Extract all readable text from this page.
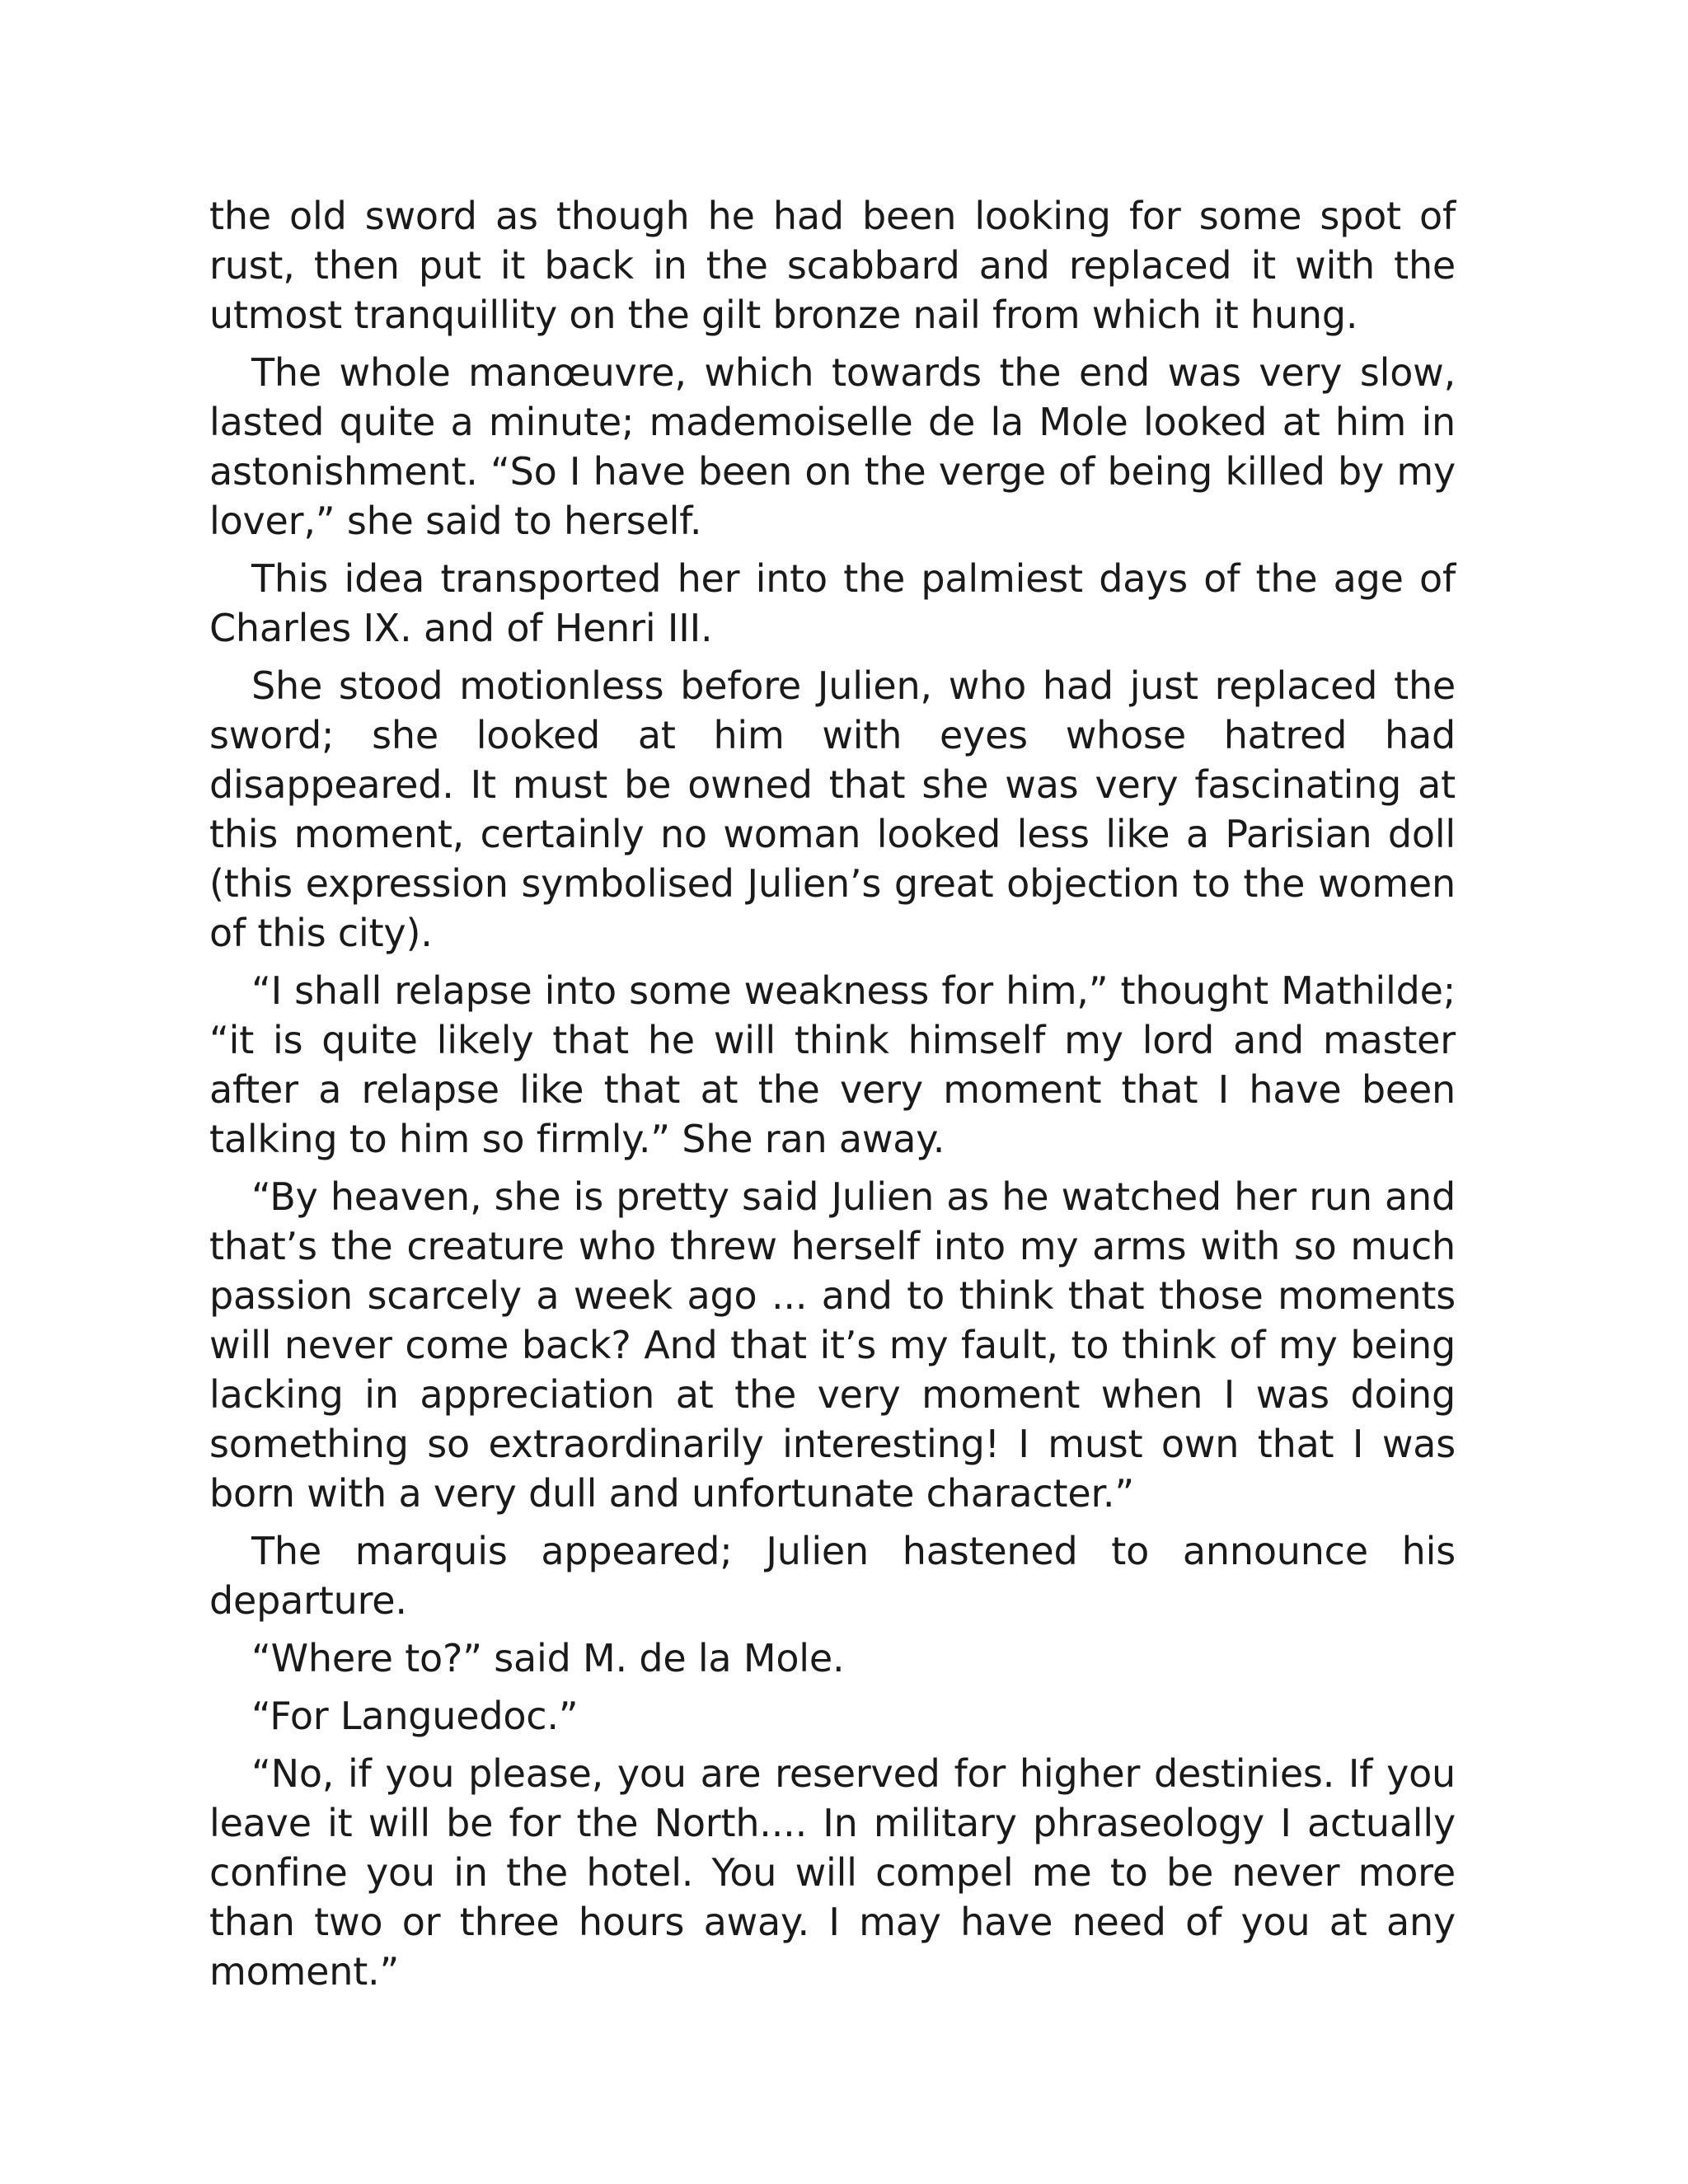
the old sword as though he had been looking for some spot of rust, then put it back in the scabbard and replaced it with the utmost tranquillity on the gilt bronze nail from which it hung.

The whole manœuvre, which towards the end was very slow, lasted quite a minute; mademoiselle de la Mole looked at him in astonishment. “So I have been on the verge of being killed by my lover,” she said to herself.

This idea transported her into the palmiest days of the age of Charles IX. and of Henri III.

She stood motionless before Julien, who had just replaced the sword; she looked at him with eyes whose hatred had disappeared. It must be owned that she was very fascinating at this moment, certainly no woman looked less like a Parisian doll (this expression symbolised Julien’s great objection to the women of this city).

“I shall relapse into some weakness for him,” thought Mathilde; “it is quite likely that he will think himself my lord and master after a relapse like that at the very moment that I have been talking to him so firmly.” She ran away.

“By heaven, she is pretty said Julien as he watched her run and that’s the creature who threw herself into my arms with so much passion scarcely a week ago ... and to think that those moments will never come back? And that it’s my fault, to think of my being lacking in appreciation at the very moment when I was doing something so extraordinarily interesting! I must own that I was born with a very dull and unfortunate character.”

The marquis appeared; Julien hastened to announce his departure.

“Where to?” said M. de la Mole.

“For Languedoc.”

“No, if you please, you are reserved for higher destinies. If you leave it will be for the North.... In military phraseology I actually confine you in the hotel. You will compel me to be never more than two or three hours away. I may have need of you at any moment.”
